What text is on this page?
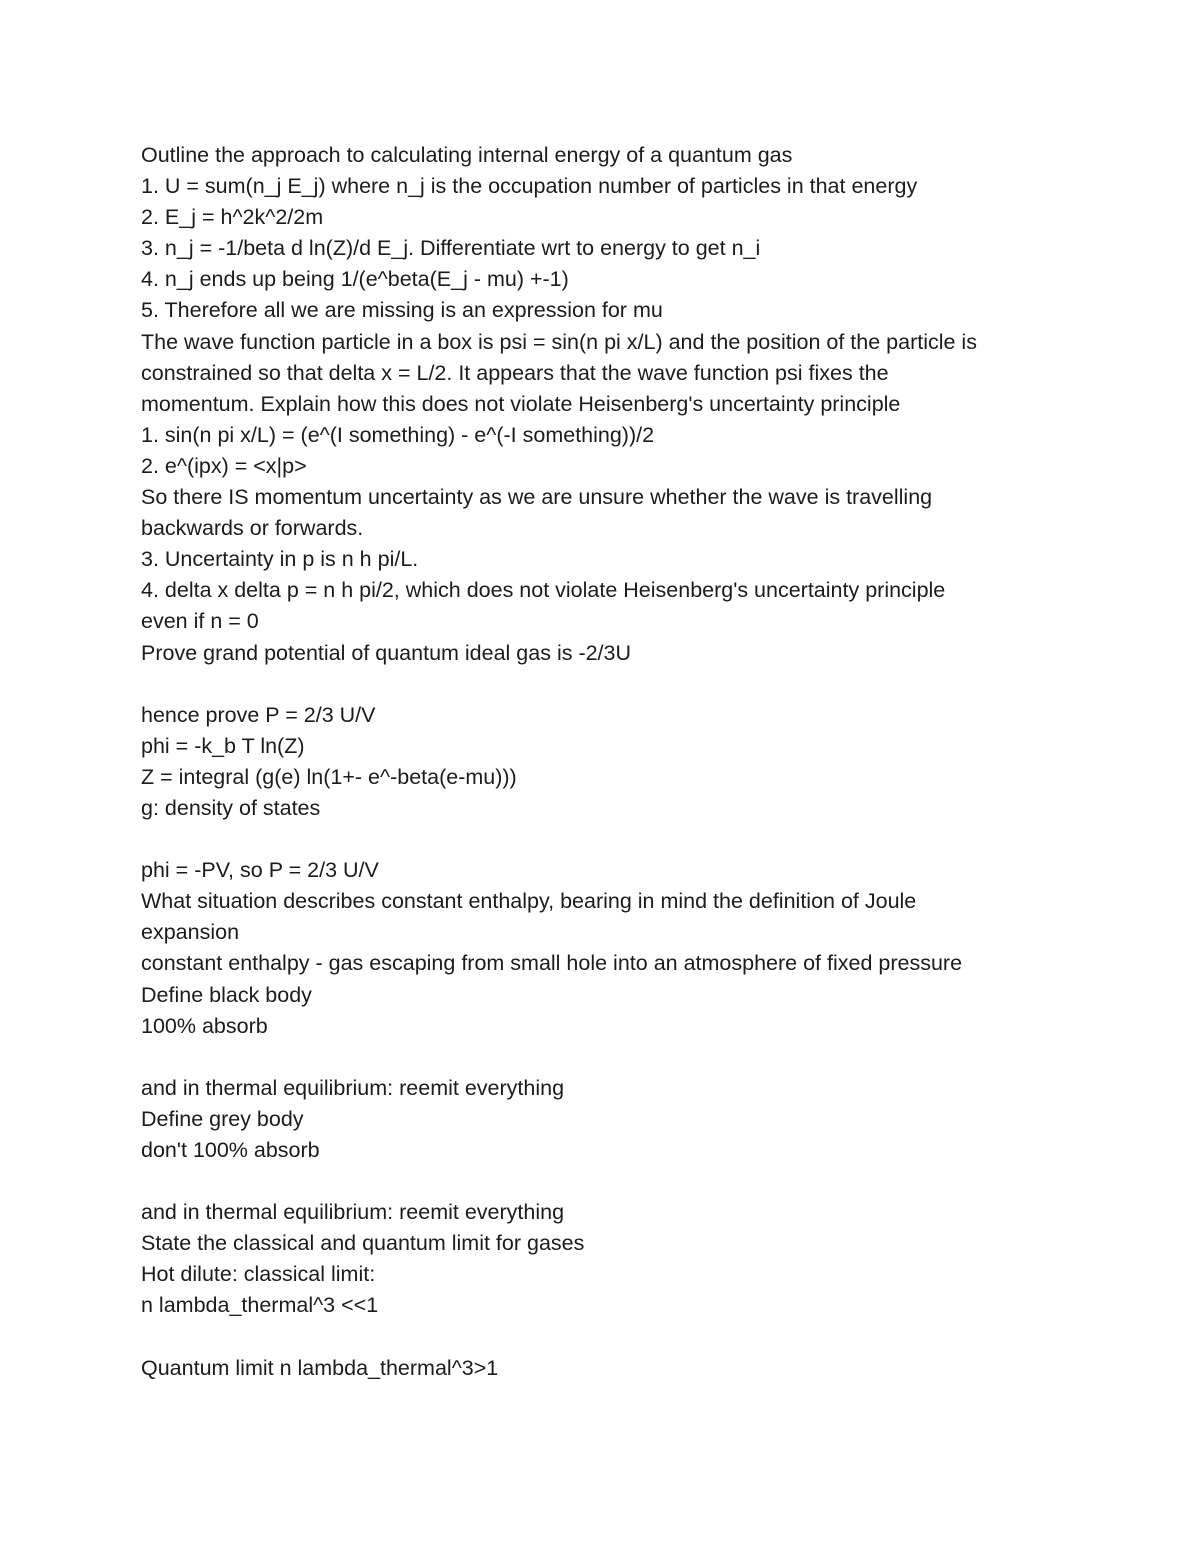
Outline the approach to calculating internal energy of a quantum gas
1. U = sum(n_j E_j) where n_j is the occupation number of particles in that energy
2. E_j = h^2k^2/2m
3. n_j = -1/beta d ln(Z)/d E_j. Differentiate wrt to energy to get n_i
4. n_j ends up being 1/(e^beta(E_j - mu) +-1)
5. Therefore all we are missing is an expression for mu
The wave function particle in a box is psi = sin(n pi x/L) and the position of the particle is
constrained so that delta x = L/2. It appears that the wave function psi fixes the
momentum. Explain how this does not violate Heisenberg's uncertainty principle
1. sin(n pi x/L) = (e^(I something) - e^(-I something))/2
2. e^(ipx) = <x|p>
So there IS momentum uncertainty as we are unsure whether the wave is travelling
backwards or forwards.
3. Uncertainty in p is n h pi/L.
4. delta x delta p = n h pi/2, which does not violate Heisenberg's uncertainty principle
even if n = 0
Prove grand potential of quantum ideal gas is -2/3U
hence prove P = 2/3 U/V
phi = -k_b T ln(Z)
Z = integral (g(e) ln(1+- e^-beta(e-mu)))
g: density of states
phi = -PV, so P = 2/3 U/V
What situation describes constant enthalpy, bearing in mind the definition of Joule
expansion
constant enthalpy - gas escaping from small hole into an atmosphere of fixed pressure
Define black body
100% absorb
and in thermal equilibrium: reemit everything
Define grey body
don't 100% absorb
and in thermal equilibrium: reemit everything
State the classical and quantum limit for gases
Hot dilute: classical limit:
n lambda_thermal^3 <<1
Quantum limit n lambda_thermal^3>1
